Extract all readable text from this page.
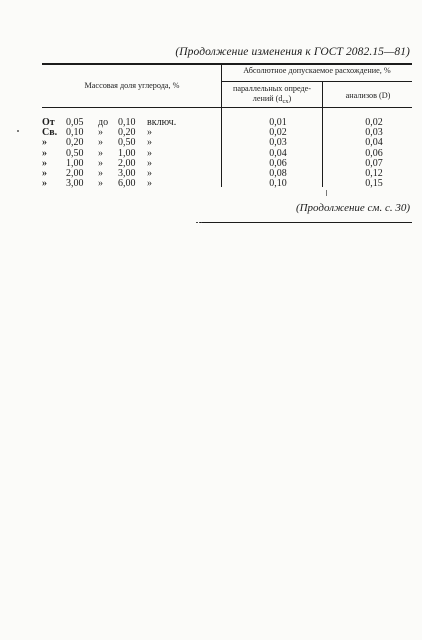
(Продолжение изменения к ГОСТ 2082.15—81)
Массовая доля углерода, %
Абсолютное допускаемое расхождение, %
параллельных опреде-
лений $(d_{сх})$	анализов (D)
От	0,05 до 0,10 включ.	0,01	0,02
Св. 0,10 » 0,20 »	0,02	0,03
»	0,20 » 0,50 »	0,03	0,04
»	0,50 » 1,00 »	0,04	0,06
»	1,00 » 2,00 »	0,06	0,07
»	2,00 » 3,00 »	0,08	0,12
»	3,00 » 6,00 »	0,10	0,15
(Продолжение см. с. 30)
